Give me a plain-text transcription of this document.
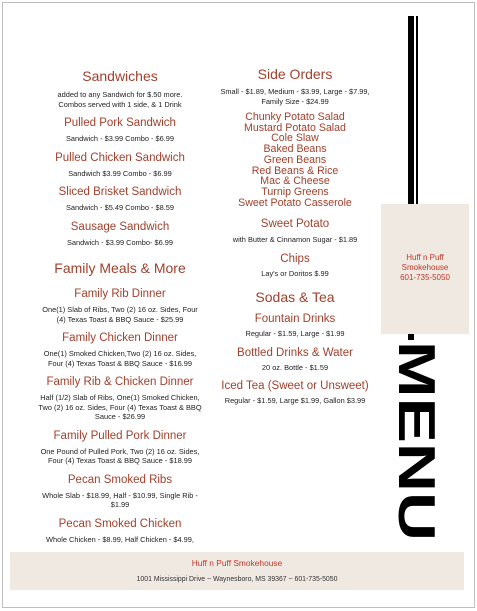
Sandwiches
added to any Sandwich for $.50 more.
Combos served with 1 side, & 1 Drink
Pulled Pork Sandwich
Sandwich - $3.99 Combo - $6.99
Pulled Chicken Sandwich
Sandwich $3.99 Combo - $6.99
Sliced Brisket Sandwich
Sandwich - $5.49 Combo - $8.59
Sausage Sandwich
Sandwich - $3.99 Combo- $6.99
Family Meals & More
Family Rib Dinner
One(1) Slab of Ribs, Two (2) 16 oz. Sides, Four
(4) Texas Toast & BBQ Sauce - $25.99
Family Chicken Dinner
One(1) Smoked Chicken,Two (2) 16 oz. Sides,
Four (4) Texas Toast & BBQ Sauce - $16.99
Family Rib & Chicken Dinner
Half (1/2) Slab of Ribs, One(1) Smoked Chicken,
Two (2) 16 oz. Sides, Four (4) Texas Toast & BBQ
Sauce - $26.99
Family Pulled Pork Dinner
One Pound of Pulled Pork, Two (2) 16 oz. Sides,
Four (4) Texas Toast & BBQ Sauce - $18.99
Pecan Smoked Ribs
Whole Slab - $18.99, Half - $10.99, Single Rib -
$1.99
Pecan Smoked Chicken
Whole Chicken - $8.99, Half Chicken - $4.99,
Side Orders
Small - $1.89, Medium - $3.99, Large - $7.99,
Family Size - $24.99
Chunky Potato Salad
Mustard Potato Salad
Cole Slaw
Baked Beans
Green Beans
Red Beans & Rice
Mac & Cheese
Turnip Greens
Sweet Potato Casserole
Sweet Potato
with Butter & Cinnamon Sugar - $1.89
Chips
Lay's or Doritos $.99
Sodas & Tea
Fountain Drinks
Regular - $1.59, Large - $1.99
Bottled Drinks & Water
20 oz. Bottle - $1.59
Iced Tea (Sweet or Unsweet)
Regular - $1.59, Large $1.99, Gallon $3.99
Huff n Puff
Smokehouse
601-735-5050
MENU
Huff n Puff Smokehouse
1001 Mississippi Drive ~ Waynesboro, MS 39367 ~ 601-735-5050
